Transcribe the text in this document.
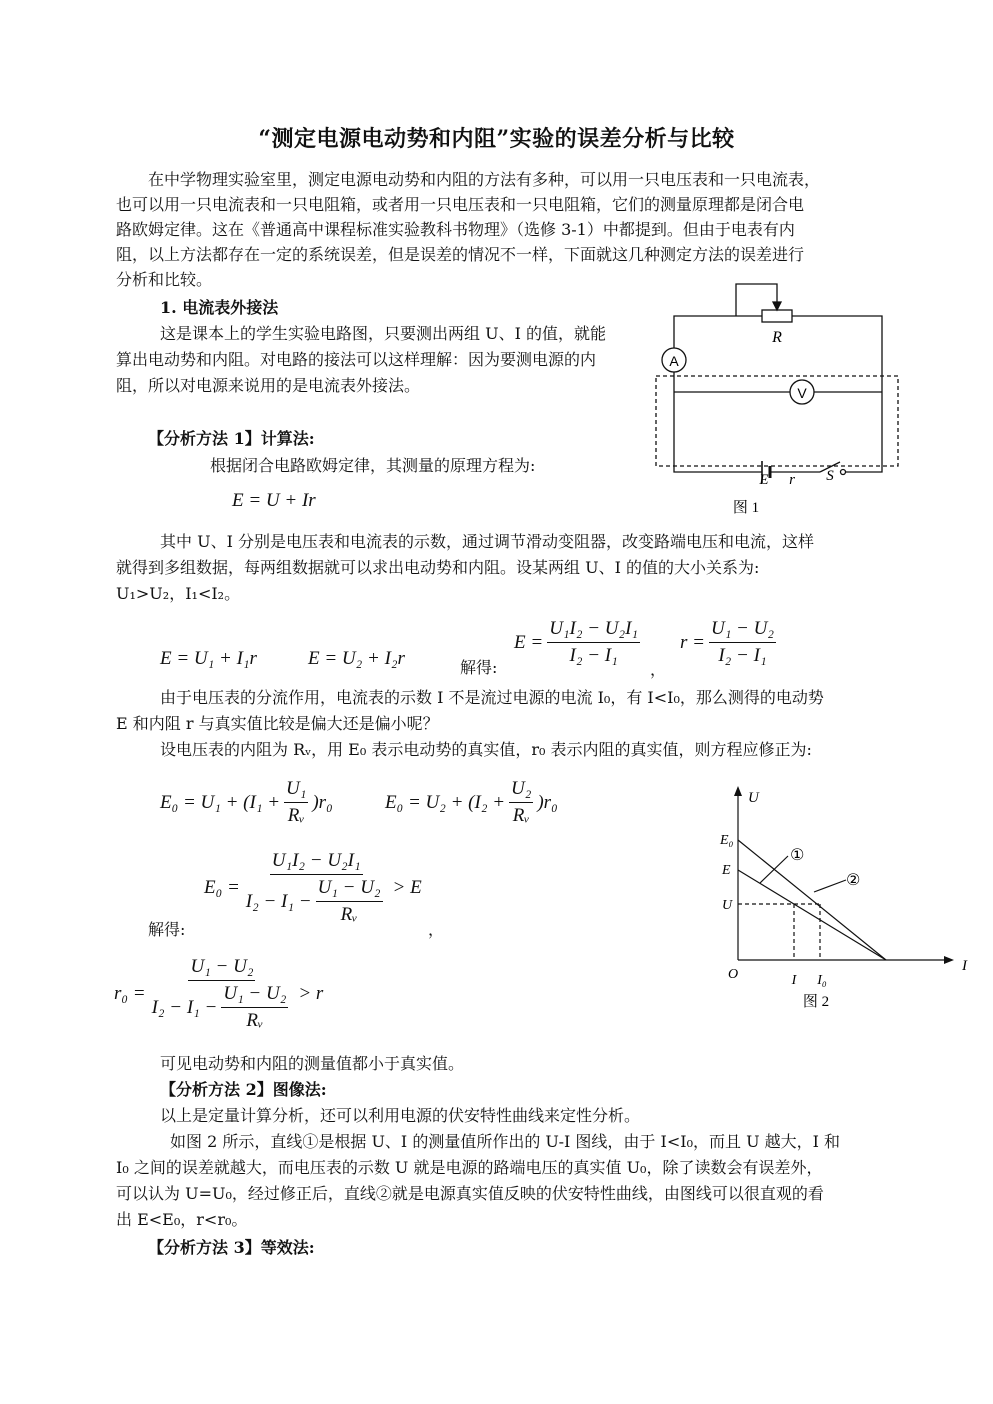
“测定电源电动势和内阻”实验的误差分析与比较
在中学物理实验室里，测定电源电动势和内阻的方法有多种，可以用一只电压表和一只电流表，
也可以用一只电流表和一只电阻箱，或者用一只电压表和一只电阻箱，它们的测量原理都是闭合电
路欧姆定律。这在《普通高中课程标准实验教科书物理》（选修 3-1）中都提到。但由于电表有内
阻，以上方法都存在一定的系统误差，但是误差的情况不一样，下面就这几种测定方法的误差进行
分析和比较。
1. 电流表外接法
这是课本上的学生实验电路图，只要测出两组 U、I 的值，就能
算出电动势和内阻。对电路的接法可以这样理解：因为要测电源的内
阻，所以对电源来说用的是电流表外接法。
R
A
V
E r S
图 1
【分析方法 1】计算法:
根据闭合电路欧姆定律，其测量的原理方程为:
E = U + Ir
其中 U、I 分别是电压表和电流表的示数，通过调节滑动变阻器，改变路端电压和电流，这样
就得到多组数据，每两组数据就可以求出电动势和内阻。设某两组 U、I 的值的大小关系为:
U₁>U₂，I₁<I₂。
E = U₁ + I₁r	E = U₂ + I₂r	解得:
$E = \frac{\text{U₁I₂ − U₂I₁}}{\text{I₂ − I₁}}$
，
$r = \frac{\text{U₁ − U₂}}{\text{I₂ − I₁}}$
由于电压表的分流作用，电流表的示数 I 不是流过电源的电流 I₀，有 I<I₀，那么测得的电动势
E 和内阻 r 与真实值比较是偏大还是偏小呢？
设电压表的内阻为 Rᵥ，用 E₀ 表示电动势的真实值，r₀ 表示内阻的真实值，则方程应修正为:
$E_0 = U_1 + (I_1 + \frac{\text{U₁}}{\text{Rᵥ}} )r_0$	$E_0 = U_2 + (I_2 + \frac{\text{U₂}}{\text{Rᵥ}} )r_0$
$E_0 = \frac{\text{U₁I₂ − U₂I₁}}{I_2 - I_1 - \frac{\text{U₁ − U₂}}{\text{Rᵥ}}} > E$
解得:	，
$r_0 = \frac{\text{U₁ − U₂}}{I_2 - I_1 - \frac{\text{U₁ − U₂}}{\text{Rᵥ}}} > r$
可见电动势和内阻的测量值都小于真实值。
U
I
O
E₀
E
U
I I₀
①
②
图 2
【分析方法 2】图像法:
以上是定量计算分析，还可以利用电源的伏安特性曲线来定性分析。
如图 2 所示，直线①是根据 U、I 的测量值所作出的 U-I 图线，由于 I<I₀，而且 U 越大，I 和
I₀ 之间的误差就越大，而电压表的示数 U 就是电源的路端电压的真实值 U₀，除了读数会有误差外，
可以认为 U=U₀，经过修正后，直线②就是电源真实值反映的伏安特性曲线，由图线可以很直观的看
出 E<E₀，r<r₀。
【分析方法 3】等效法:
